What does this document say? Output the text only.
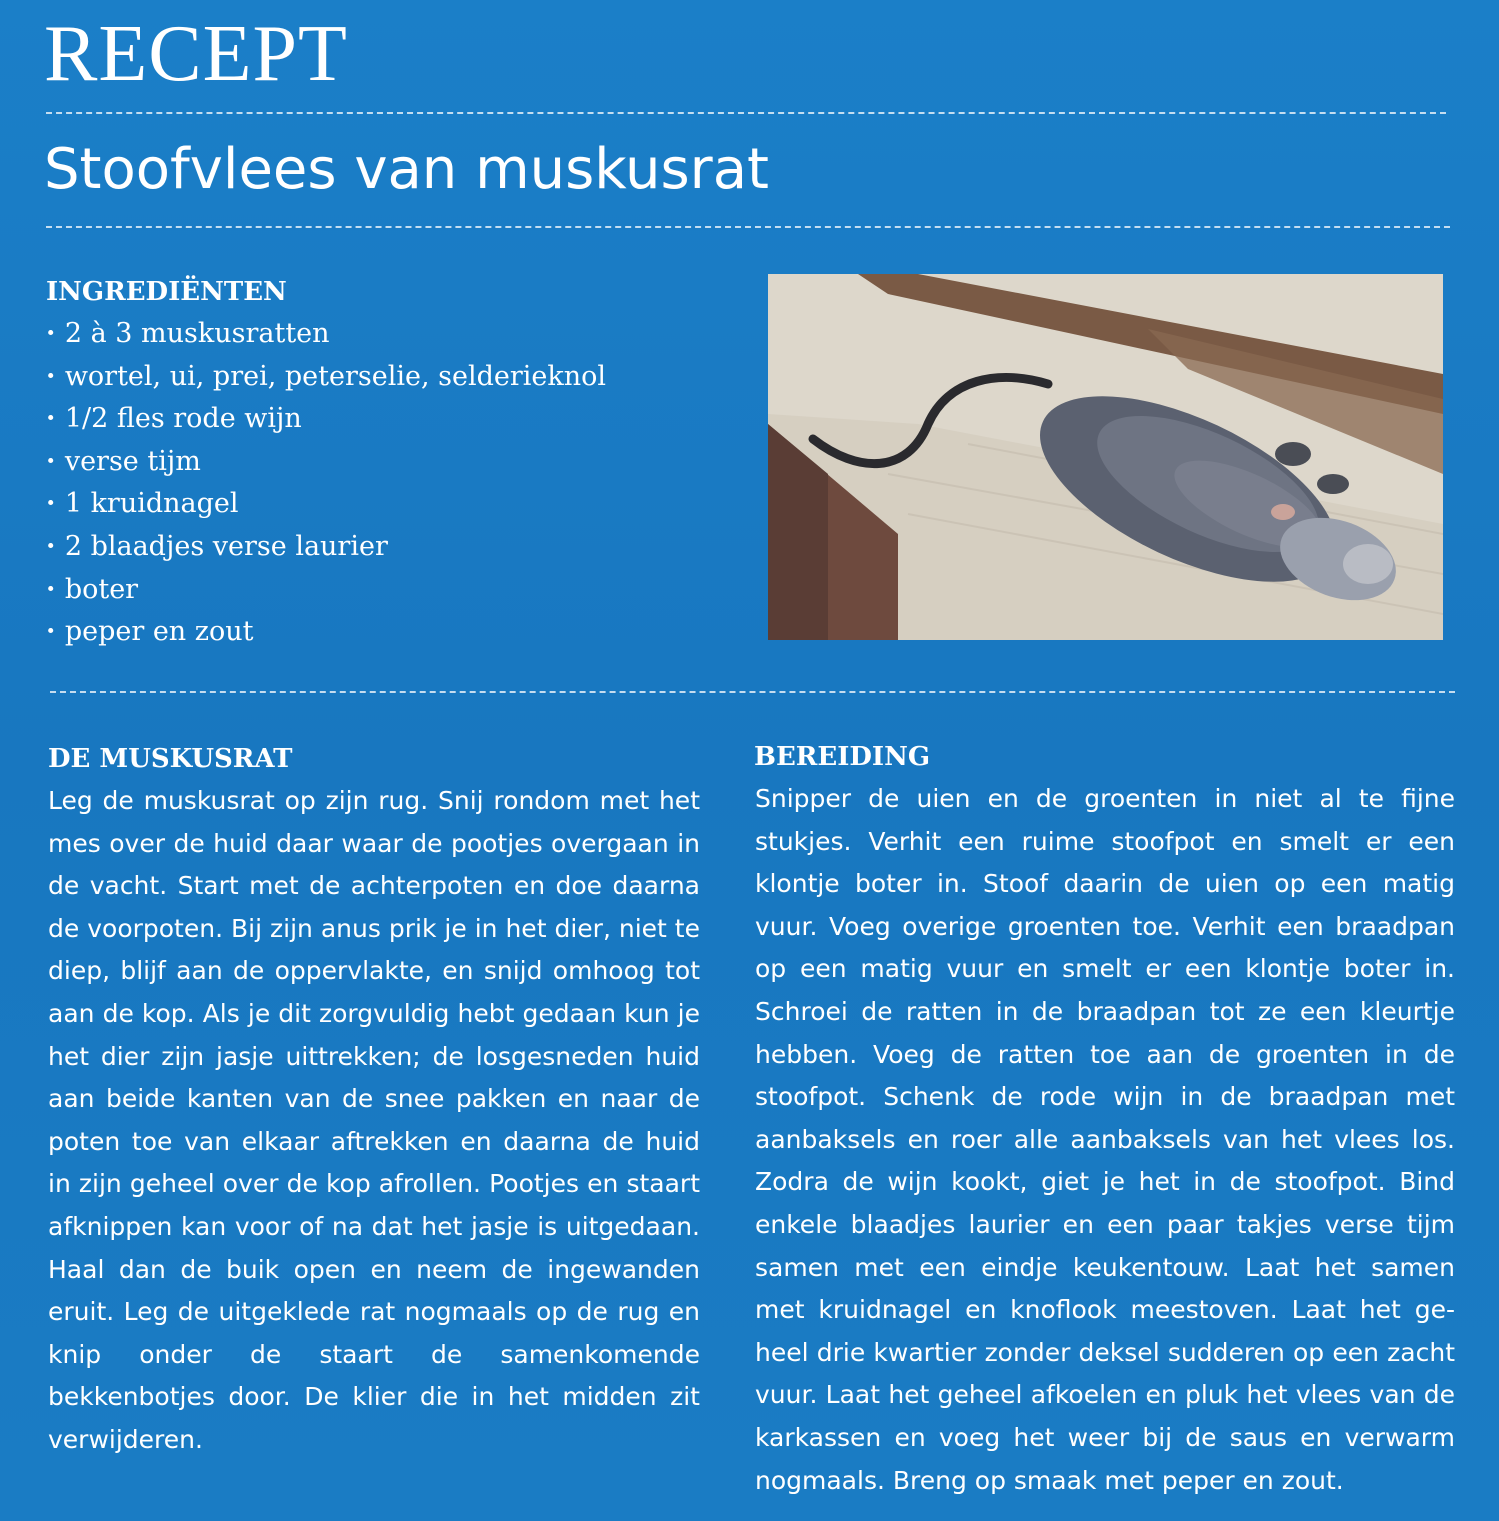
RECEPT
Stoofvlees van muskusrat
INGREDIËNTEN
· 2 à 3 muskusratten
· wortel, ui, prei, peterselie, selderieknol
· 1/2 fles rode wijn
· verse tijm
· 1 kruidnagel
· 2 blaadjes verse laurier
· boter
· peper en zout
DE MUSKUSRAT

Leg de muskusrat op zijn rug. Snij rondom met het mes over de huid daar waar de pootjes overgaan in de vacht. Start met de achterpoten en doe daarna de voorpoten. Bij zijn anus prik je in het dier, niet te diep, blijf aan de oppervlakte, en snijd omhoog tot aan de kop. Als je dit zorgvuldig hebt gedaan kun je het dier zijn jasje uittrekken; de losgesneden huid aan beide kanten van de snee pakken en naar de poten toe van elkaar aftrekken en daarna de huid in zijn geheel over de kop afrollen. Pootjes en staart afknippen kan voor of na dat het jasje is uitgedaan. Haal dan de buik open en neem de ingewanden eruit. Leg de uitgeklede rat nogmaals op de rug en knip onder de staart de samenkomende bekkenbotjes door. De klier die in het midden zit verwijderen.

BEREIDING

Snipper de uien en de groenten in niet al te fijne stukjes. Verhit een ruime stoofpot en smelt er een klontje boter in. Stoof daarin de uien op een matig vuur. Voeg overige groenten toe. Verhit een braadpan op een matig vuur en smelt er een klontje boter in. Schroei de ratten in de braadpan tot ze een kleurtje hebben. Voeg de ratten toe aan de groenten in de stoofpot. Schenk de rode wijn in de braadpan met aanbaksels en roer alle aanbaksels van het vlees los. Zodra de wijn kookt, giet je het in de stoofpot. Bind enkele blaadjes laurier en een paar takjes verse tijm samen met een eindje keukentouw. Laat het samen met kruidnagel en knoflook meestoven. Laat het geheel drie kwartier zonder deksel sudderen op een zacht vuur. Laat het geheel afkoelen en pluk het vlees van de karkassen en voeg het weer bij de saus en verwarm nogmaals. Breng op smaak met peper en zout.
